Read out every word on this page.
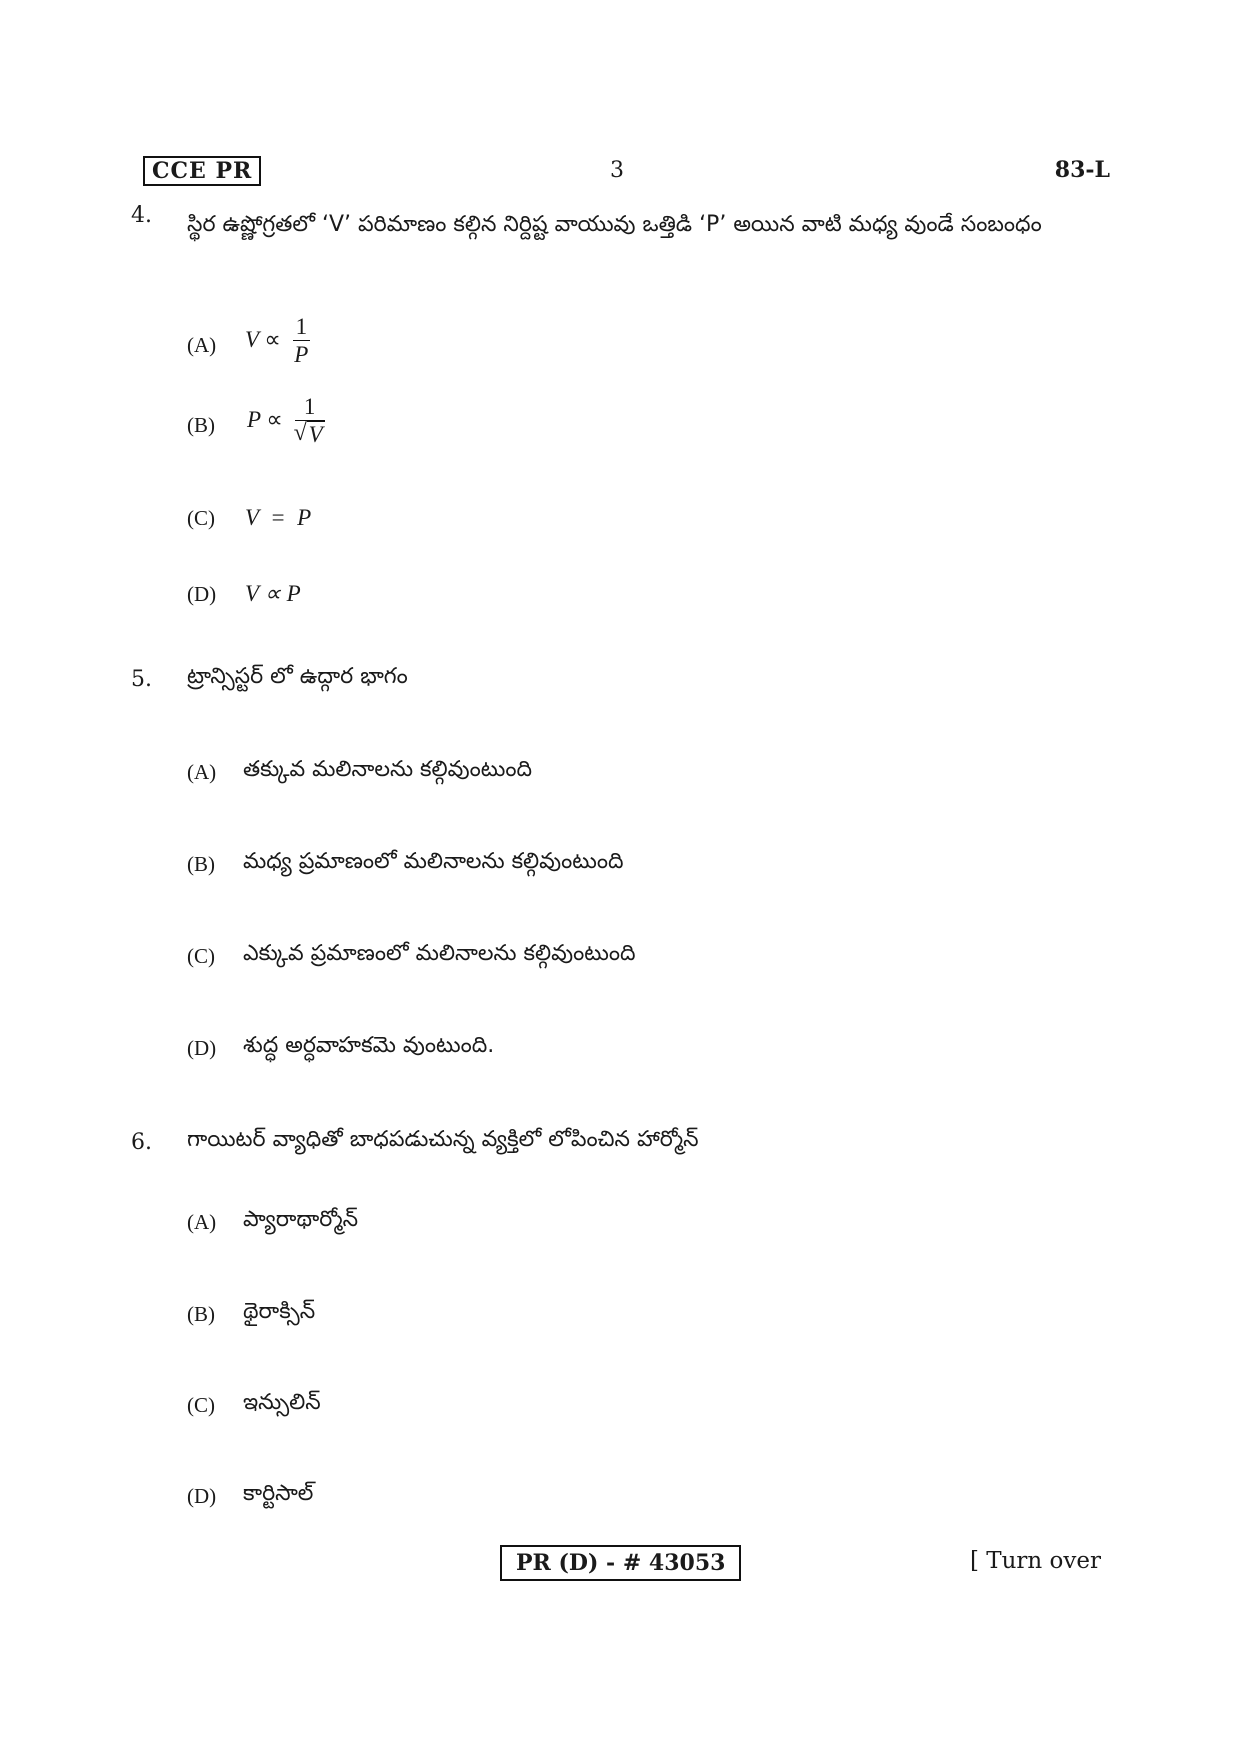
CCE PR	3	83-L
4. స్థిర ఉష్ణోగ్రతలో ‘V’ పరిమాణం కల్గిన నిర్దిష్ట వాయువు ఒత్తిడి ‘P’ అయిన వాటి మధ్య వుండే సంబంధం
(A) $V \propto \frac{1}{P}$
(B) P ∝ 1
√ V
(C) V  =  P
(D) V ∝ P
5. ట్రాన్సిస్టర్ లో ఉద్గార భాగం
(A) తక్కువ మలినాలను కల్గివుంటుంది
(B) మధ్య ప్రమాణంలో మలినాలను కల్గివుంటుంది
(C) ఎక్కువ ప్రమాణంలో మలినాలను కల్గివుంటుంది
(D) శుద్ధ అర్ధవాహకమె వుంటుంది.
6. గాయిటర్ వ్యాధితో బాధపడుచున్న వ్యక్తిలో లోపించిన హార్మోన్
(A) ప్యారాథార్మోన్
(B) థైరాక్సిన్
(C) ఇన్సులిన్
(D) కార్టిసాల్
PR (D) - # 43053	[ Turn over
